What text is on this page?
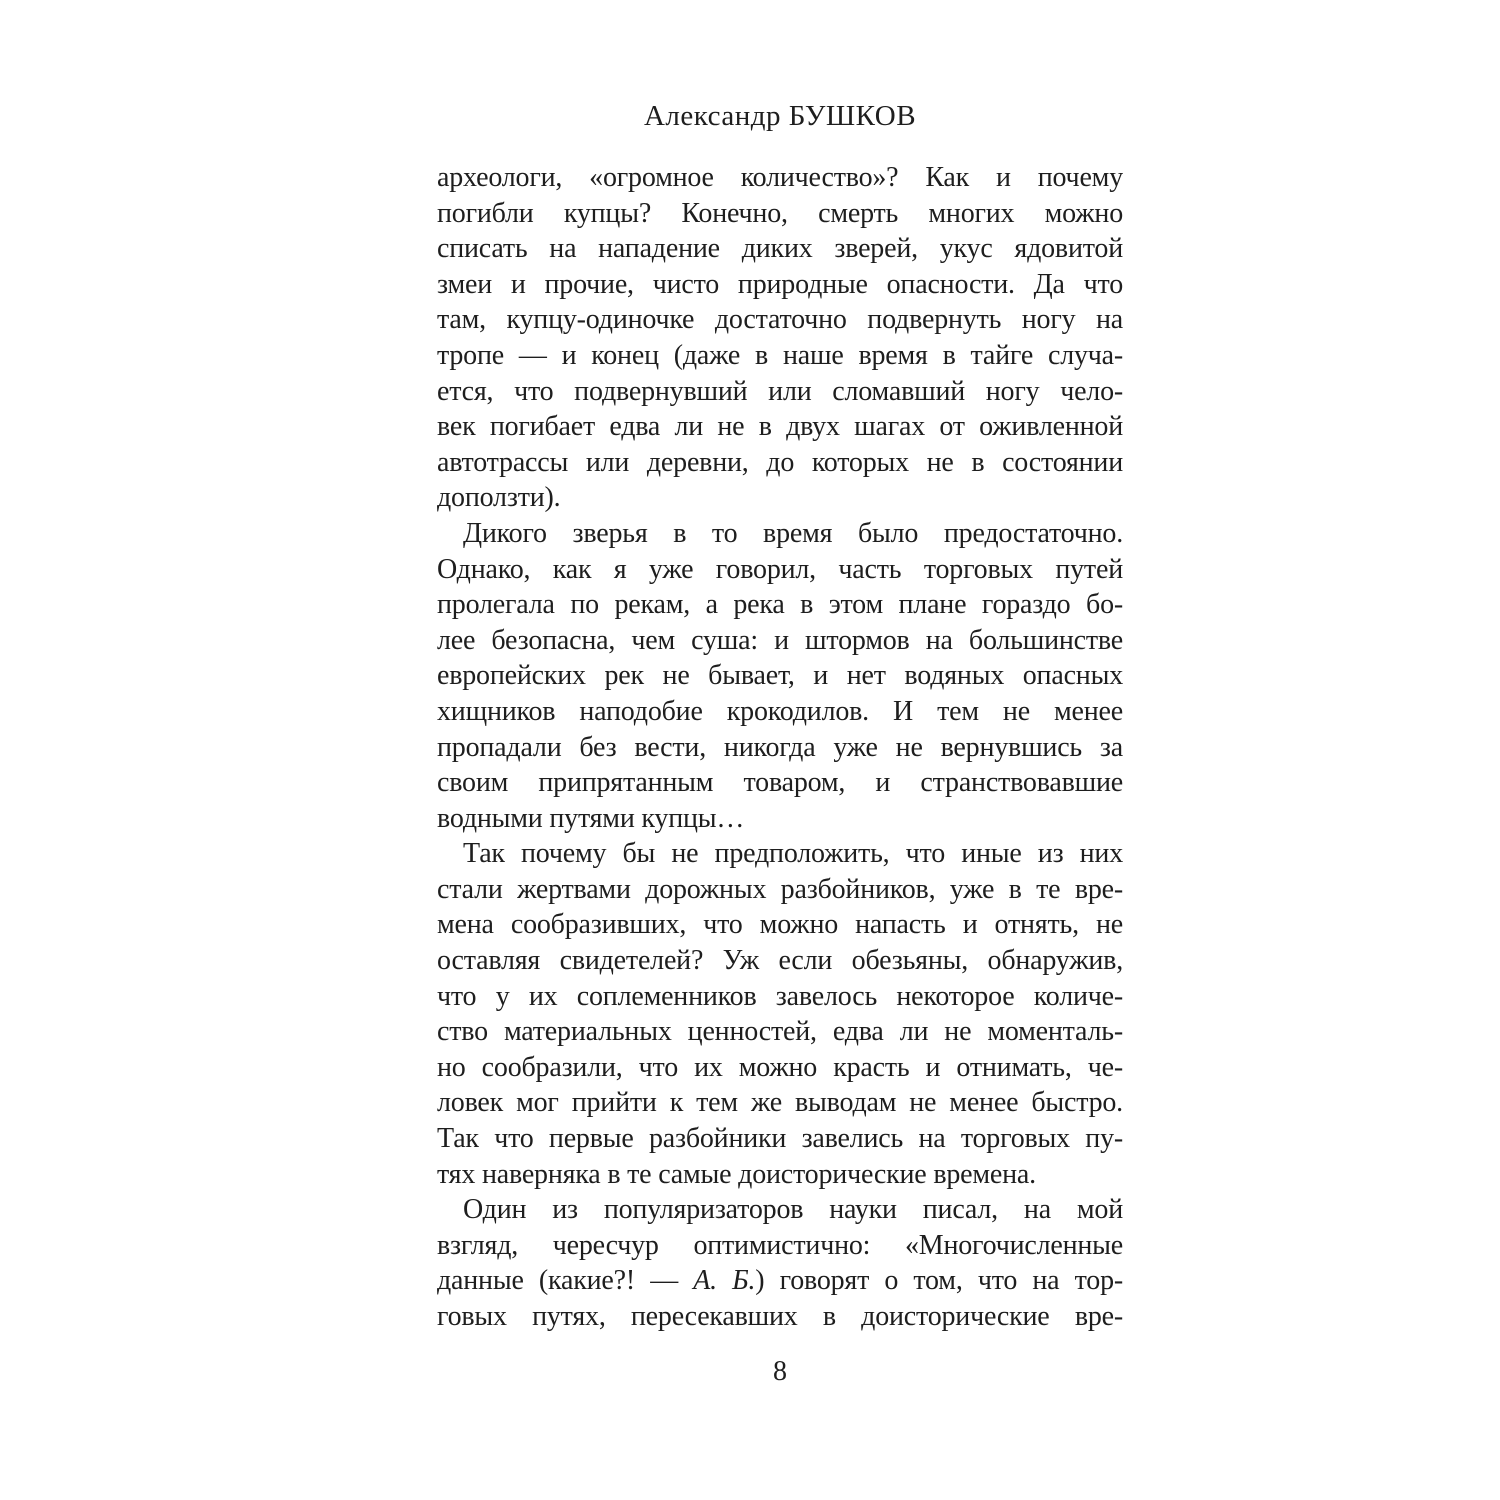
Александр БУШКОВ
археологи, «огромное количество»? Как и почему
погибли купцы? Конечно, смерть многих можно
списать на нападение диких зверей, укус ядовитой
змеи и прочие, чисто природные опасности. Да что
там, купцу-одиночке достаточно подвернуть ногу на
тропе — и конец (даже в наше время в тайге случа-
ется, что подвернувший или сломавший ногу чело-
век погибает едва ли не в двух шагах от оживленной
автотрассы или деревни, до которых не в состоянии
доползти).
Дикого зверья в то время было предостаточно.
Однако, как я уже говорил, часть торговых путей
пролегала по рекам, а река в этом плане гораздо бо-
лее безопасна, чем суша: и штормов на большинстве
европейских рек не бывает, и нет водяных опасных
хищников наподобие крокодилов. И тем не менее
пропадали без вести, никогда уже не вернувшись за
своим припрятанным товаром, и странствовавшие
водными путями купцы…
Так почему бы не предположить, что иные из них
стали жертвами дорожных разбойников, уже в те вре-
мена сообразивших, что можно напасть и отнять, не
оставляя свидетелей? Уж если обезьяны, обнаружив,
что у их соплеменников завелось некоторое количе-
ство материальных ценностей, едва ли не моменталь-
но сообразили, что их можно красть и отнимать, че-
ловек мог прийти к тем же выводам не менее быстро.
Так что первые разбойники завелись на торговых пу-
тях наверняка в те самые доисторические времена.
Один из популяризаторов науки писал, на мой
взгляд, чересчур оптимистично: «Многочисленные
данные (какие?! — А. Б.) говорят о том, что на тор-
говых путях, пересекавших в доисторические вре-
8
